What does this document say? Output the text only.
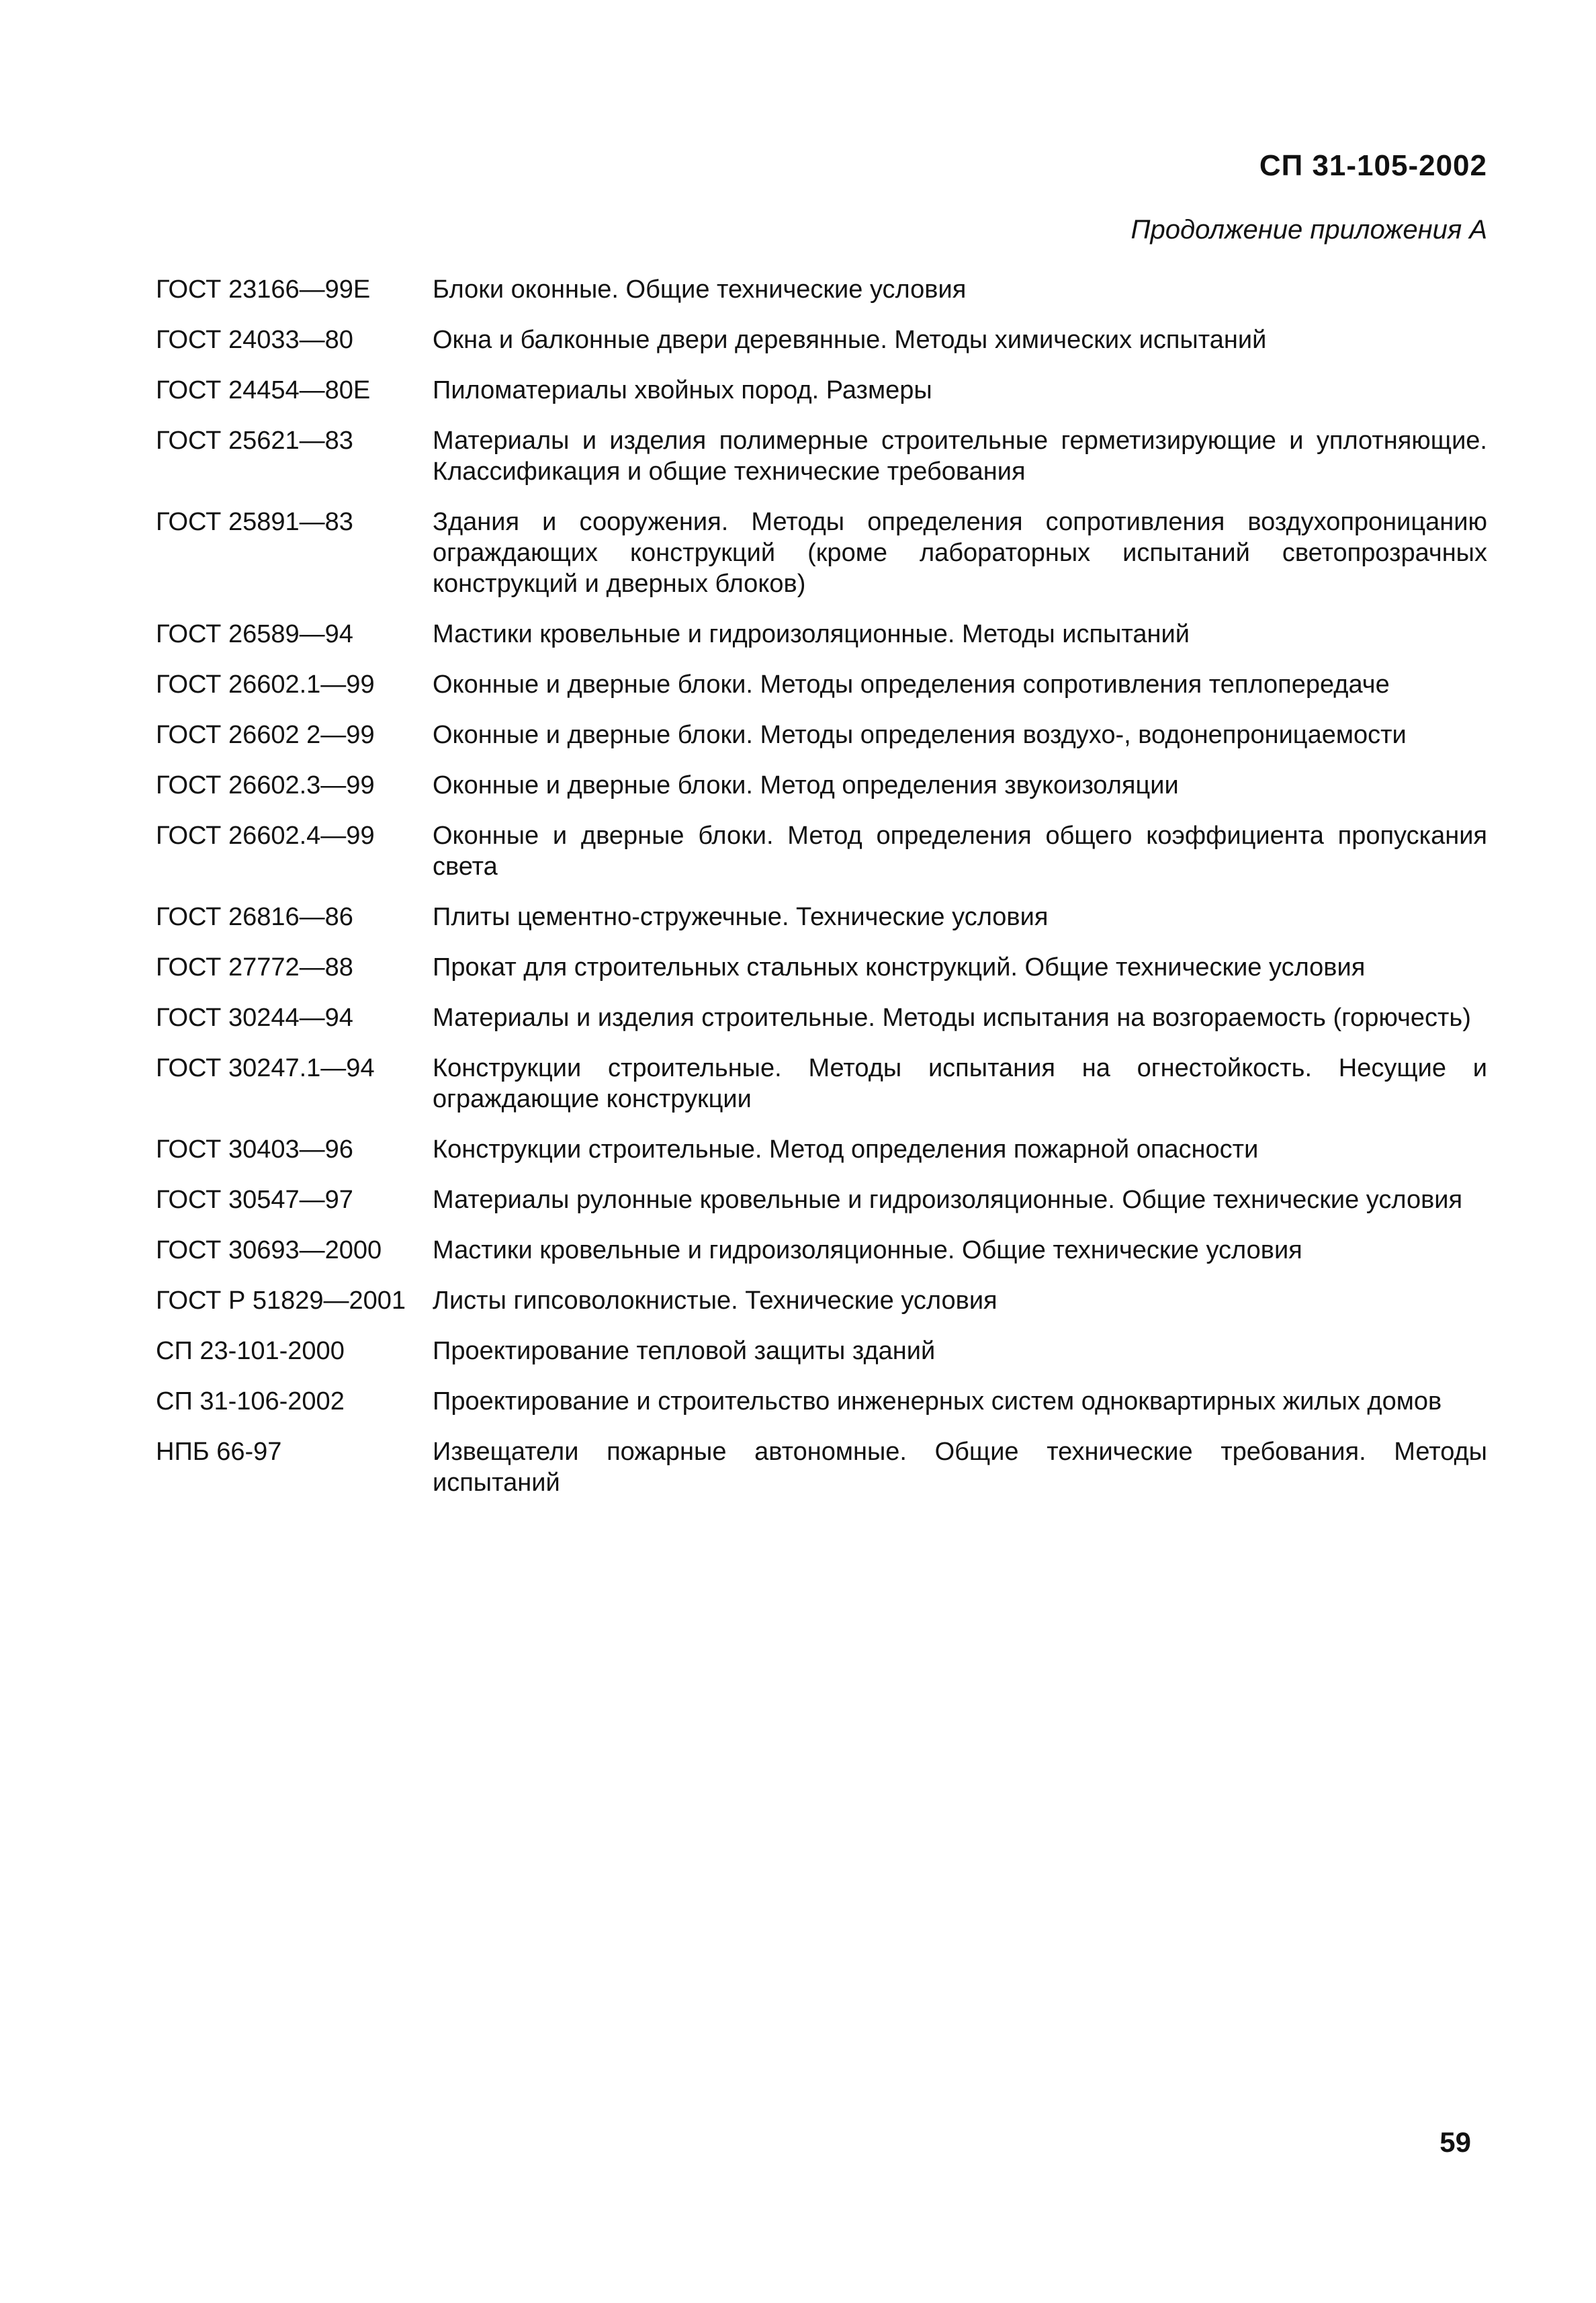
СП 31-105-2002
Продолжение приложения А
ГОСТ 23166—99Е	Блоки оконные. Общие технические условия
ГОСТ 24033—80	Окна и балконные двери деревянные. Методы химических испытаний
ГОСТ 24454—80Е	Пиломатериалы хвойных пород. Размеры
ГОСТ 25621—83	Материалы и изделия полимерные строительные герметизирующие и уплотняющие. Классификация и общие технические требования
ГОСТ 25891—83	Здания и сооружения. Методы определения сопротивления воздухопроницанию ограждающих конструкций (кроме лабораторных испытаний светопрозрачных конструкций и дверных блоков)
ГОСТ 26589—94	Мастики кровельные и гидроизоляционные. Методы испытаний
ГОСТ 26602.1—99	Оконные и дверные блоки. Методы определения сопротивления теплопередаче
ГОСТ 26602 2—99	Оконные и дверные блоки. Методы определения воздухо-, водонепроницаемости
ГОСТ 26602.3—99	Оконные и дверные блоки. Метод определения звукоизоляции
ГОСТ 26602.4—99	Оконные и дверные блоки. Метод определения общего коэффициента пропускания света
ГОСТ 26816—86	Плиты цементно-стружечные. Технические условия
ГОСТ 27772—88	Прокат для строительных стальных конструкций. Общие технические условия
ГОСТ 30244—94	Материалы и изделия строительные. Методы испытания на возгораемость (горючесть)
ГОСТ 30247.1—94	Конструкции строительные. Методы испытания на огнестойкость. Несущие и ограждающие конструкции
ГОСТ 30403—96	Конструкции строительные. Метод определения пожарной опасности
ГОСТ 30547—97	Материалы рулонные кровельные и гидроизоляционные. Общие технические условия
ГОСТ 30693—2000	Мастики кровельные и гидроизоляционные. Общие технические условия
ГОСТ Р 51829—2001	Листы гипсоволокнистые. Технические условия
СП 23-101-2000	Проектирование тепловой защиты зданий
СП 31-106-2002	Проектирование и строительство инженерных систем одноквартирных жилых домов
НПБ 66-97	Извещатели пожарные автономные. Общие технические требования. Методы испытаний
59
